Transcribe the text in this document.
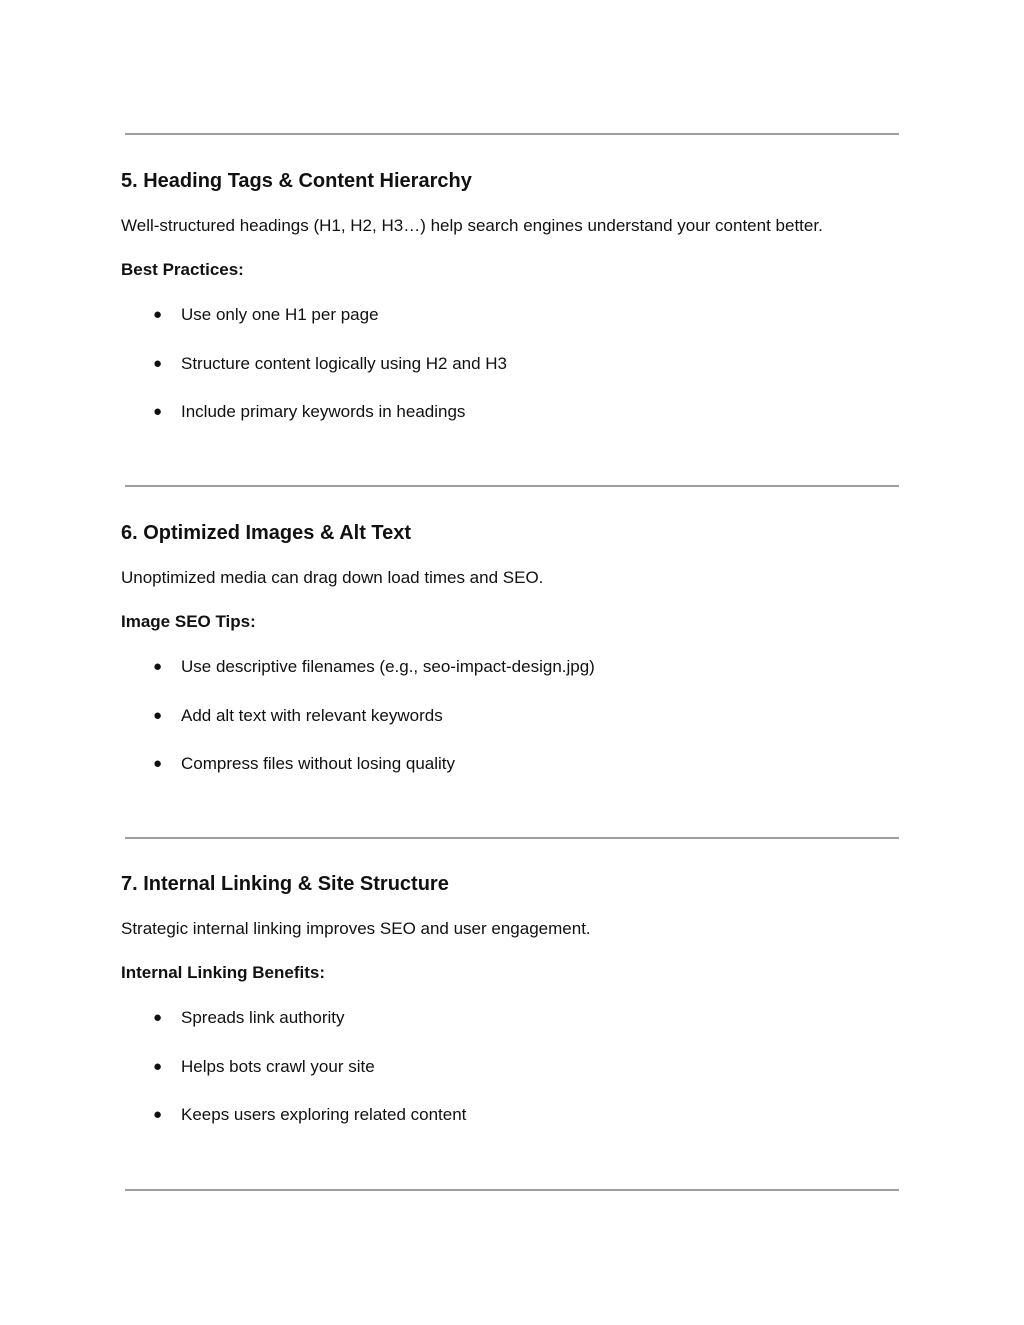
5. Heading Tags & Content Hierarchy

Well-structured headings (H1, H2, H3…) help search engines understand your content better.

Best Practices:

● Use only one H1 per page
● Structure content logically using H2 and H3
● Include primary keywords in headings
6. Optimized Images & Alt Text

Unoptimized media can drag down load times and SEO.

Image SEO Tips:

● Use descriptive filenames (e.g., seo-impact-design.jpg)
● Add alt text with relevant keywords
● Compress files without losing quality
7. Internal Linking & Site Structure

Strategic internal linking improves SEO and user engagement.

Internal Linking Benefits:

● Spreads link authority
● Helps bots crawl your site
● Keeps users exploring related content
